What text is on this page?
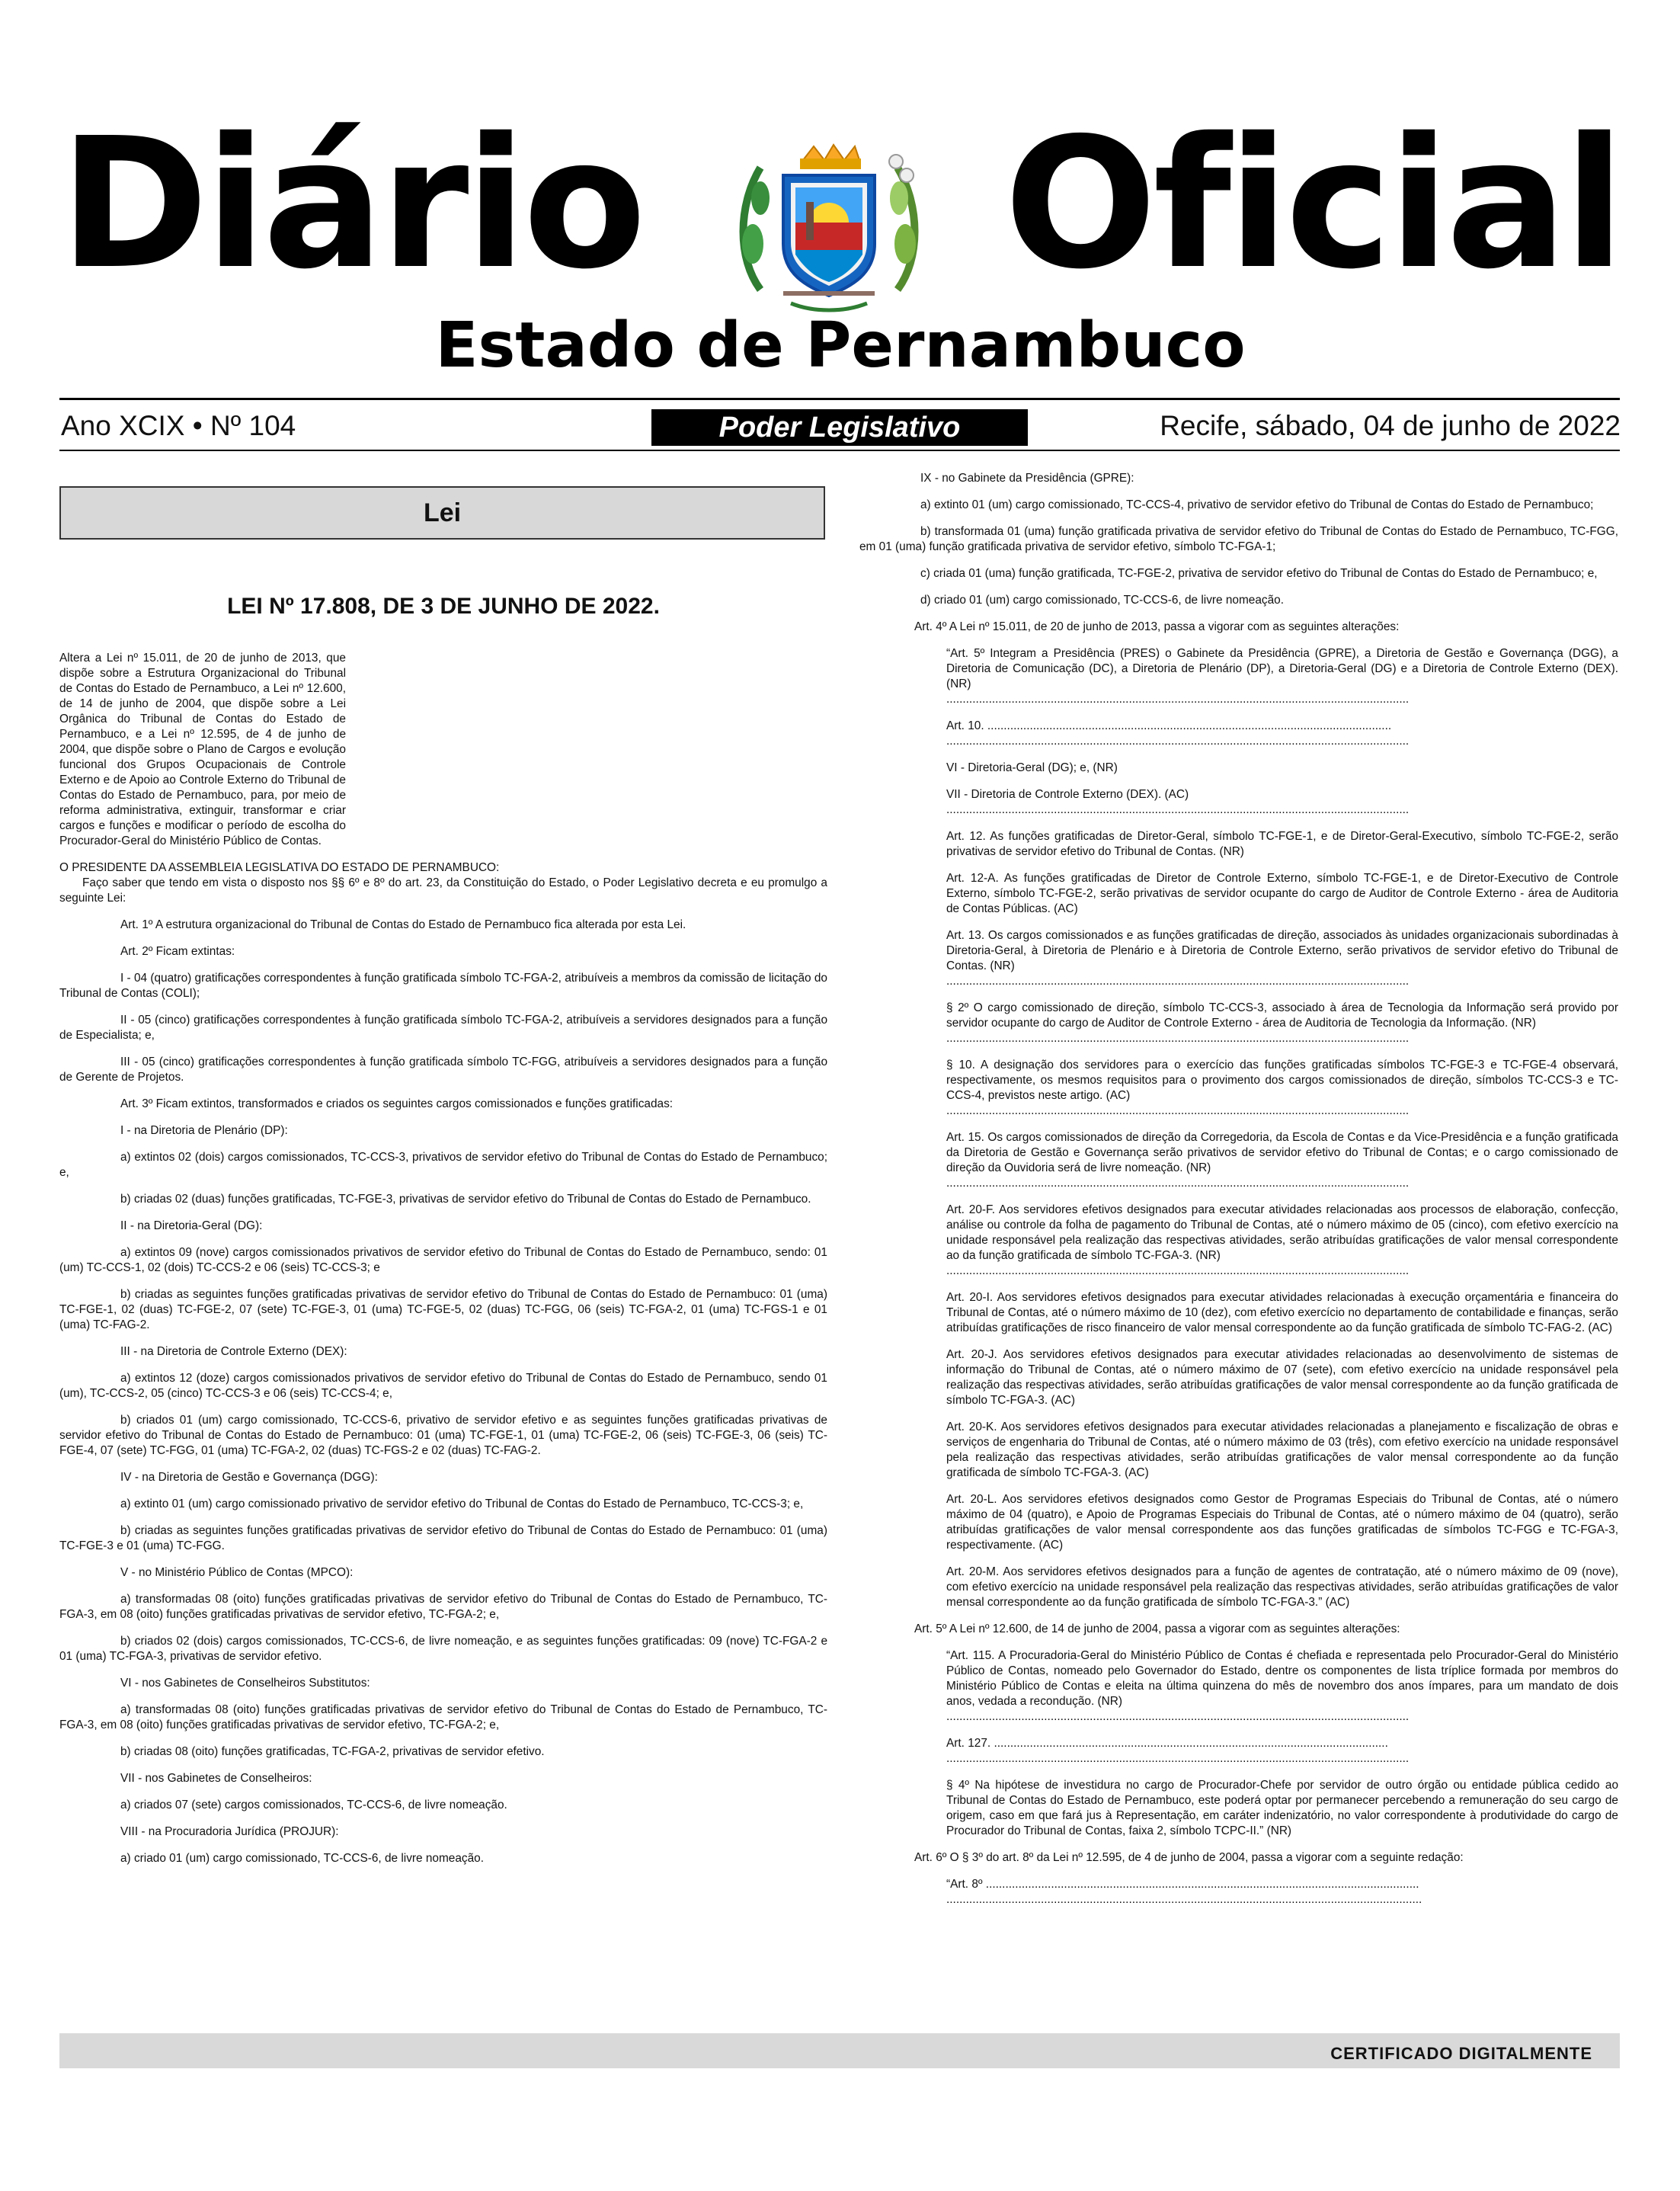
Diário Oficial
Estado de Pernambuco
Ano XCIX • Nº 104	Poder Legislativo	Recife, sábado, 04 de junho de 2022
Lei
LEI Nº 17.808, DE 3 DE JUNHO DE 2022.

Altera a Lei nº 15.011, de 20 de junho de 2013, que dispõe sobre a Estrutura Organizacional do Tribunal de Contas do Estado de Pernambuco, a Lei nº 12.600, de 14 de junho de 2004, que dispõe sobre a Lei Orgânica do Tribunal de Contas do Estado de Pernambuco, e a Lei nº 12.595, de 4 de junho de 2004, que dispõe sobre o Plano de Cargos e evolução funcional dos Grupos Ocupacionais de Controle Externo e de Apoio ao Controle Externo do Tribunal de Contas do Estado de Pernambuco, para, por meio de reforma administrativa, extinguir, transformar e criar cargos e funções e modificar o período de escolha do Procurador-Geral do Ministério Público de Contas.

O PRESIDENTE DA ASSEMBLEIA LEGISLATIVA DO ESTADO DE PERNAMBUCO:

Faço saber que tendo em vista o disposto nos §§ 6º e 8º do art. 23, da Constituição do Estado, o Poder Legislativo decreta e eu promulgo a seguinte Lei:

Art. 1º A estrutura organizacional do Tribunal de Contas do Estado de Pernambuco fica alterada por esta Lei.

Art. 2º Ficam extintas:

I - 04 (quatro) gratificações correspondentes à função gratificada símbolo TC-FGA-2, atribuíveis a membros da comissão de licitação do Tribunal de Contas (COLI);

II - 05 (cinco) gratificações correspondentes à função gratificada símbolo TC-FGA-2, atribuíveis a servidores designados para a função de Especialista; e,

III - 05 (cinco) gratificações correspondentes à função gratificada símbolo TC-FGG, atribuíveis a servidores designados para a função de Gerente de Projetos.

Art. 3º Ficam extintos, transformados e criados os seguintes cargos comissionados e funções gratificadas:

I - na Diretoria de Plenário (DP):

a) extintos 02 (dois) cargos comissionados, TC-CCS-3, privativos de servidor efetivo do Tribunal de Contas do Estado de Pernambuco; e,

b) criadas 02 (duas) funções gratificadas, TC-FGE-3, privativas de servidor efetivo do Tribunal de Contas do Estado de Pernambuco.

II - na Diretoria-Geral (DG):

a) extintos 09 (nove) cargos comissionados privativos de servidor efetivo do Tribunal de Contas do Estado de Pernambuco, sendo: 01 (um) TC-CCS-1, 02 (dois) TC-CCS-2 e 06 (seis) TC-CCS-3; e

b) criadas as seguintes funções gratificadas privativas de servidor efetivo do Tribunal de Contas do Estado de Pernambuco: 01 (uma) TC-FGE-1, 02 (duas) TC-FGE-2, 07 (sete) TC-FGE-3, 01 (uma) TC-FGE-5, 02 (duas) TC-FGG, 06 (seis) TC-FGA-2, 01 (uma) TC-FGS-1 e 01 (uma) TC-FAG-2.

III - na Diretoria de Controle Externo (DEX):

a) extintos 12 (doze) cargos comissionados privativos de servidor efetivo do Tribunal de Contas do Estado de Pernambuco, sendo 01 (um), TC-CCS-2, 05 (cinco) TC-CCS-3 e 06 (seis) TC-CCS-4; e,

b) criados 01 (um) cargo comissionado, TC-CCS-6, privativo de servidor efetivo e as seguintes funções gratificadas privativas de servidor efetivo do Tribunal de Contas do Estado de Pernambuco: 01 (uma) TC-FGE-1, 01 (uma) TC-FGE-2, 06 (seis) TC-FGE-3, 06 (seis) TC-FGE-4, 07 (sete) TC-FGG, 01 (uma) TC-FGA-2, 02 (duas) TC-FGS-2 e 02 (duas) TC-FAG-2.

IV - na Diretoria de Gestão e Governança (DGG):

a) extinto 01 (um) cargo comissionado privativo de servidor efetivo do Tribunal de Contas do Estado de Pernambuco, TC-CCS-3; e,

b) criadas as seguintes funções gratificadas privativas de servidor efetivo do Tribunal de Contas do Estado de Pernambuco: 01 (uma) TC-FGE-3 e 01 (uma) TC-FGG.

V - no Ministério Público de Contas (MPCO):

a) transformadas 08 (oito) funções gratificadas privativas de servidor efetivo do Tribunal de Contas do Estado de Pernambuco, TC-FGA-3, em 08 (oito) funções gratificadas privativas de servidor efetivo, TC-FGA-2; e,

b) criados 02 (dois) cargos comissionados, TC-CCS-6, de livre nomeação, e as seguintes funções gratificadas: 09 (nove) TC-FGA-2 e 01 (uma) TC-FGA-3, privativas de servidor efetivo.

VI - nos Gabinetes de Conselheiros Substitutos:

a) transformadas 08 (oito) funções gratificadas privativas de servidor efetivo do Tribunal de Contas do Estado de Pernambuco, TC-FGA-3, em 08 (oito) funções gratificadas privativas de servidor efetivo, TC-FGA-2; e,

b) criadas 08 (oito) funções gratificadas, TC-FGA-2, privativas de servidor efetivo.

VII - nos Gabinetes de Conselheiros:

a) criados 07 (sete) cargos comissionados, TC-CCS-6, de livre nomeação.

VIII - na Procuradoria Jurídica (PROJUR):

a) criado 01 (um) cargo comissionado, TC-CCS-6, de livre nomeação.

IX - no Gabinete da Presidência (GPRE):

a) extinto 01 (um) cargo comissionado, TC-CCS-4, privativo de servidor efetivo do Tribunal de Contas do Estado de Pernambuco;

b) transformada 01 (uma) função gratificada privativa de servidor efetivo do Tribunal de Contas do Estado de Pernambuco, TC-FGG, em 01 (uma) função gratificada privativa de servidor efetivo, símbolo TC-FGA-1;

c) criada 01 (uma) função gratificada, TC-FGE-2, privativa de servidor efetivo do Tribunal de Contas do Estado de Pernambuco; e,

d) criado 01 (um) cargo comissionado, TC-CCS-6, de livre nomeação.

Art. 4º A Lei nº 15.011, de 20 de junho de 2013, passa a vigorar com as seguintes alterações:

“Art. 5º Integram a Presidência (PRES) o Gabinete da Presidência (GPRE), a Diretoria de Gestão e Governança (DGG), a Diretoria de Comunicação (DC), a Diretoria de Plenário (DP), a Diretoria-Geral (DG) e a Diretoria de Controle Externo (DEX). (NR)

..............................................................................................................................................

Art. 10. ............................................................................................................................

..............................................................................................................................................

VI - Diretoria-Geral (DG); e, (NR)

VII - Diretoria de Controle Externo (DEX). (AC)

..............................................................................................................................................

Art. 12. As funções gratificadas de Diretor-Geral, símbolo TC-FGE-1, e de Diretor-Geral-Executivo, símbolo TC-FGE-2, serão privativas de servidor efetivo do Tribunal de Contas. (NR)

Art. 12-A. As funções gratificadas de Diretor de Controle Externo, símbolo TC-FGE-1, e de Diretor-Executivo de Controle Externo, símbolo TC-FGE-2, serão privativas de servidor ocupante do cargo de Auditor de Controle Externo - área de Auditoria de Contas Públicas. (AC)

Art. 13. Os cargos comissionados e as funções gratificadas de direção, associados às unidades organizacionais subordinadas à Diretoria-Geral, à Diretoria de Plenário e à Diretoria de Controle Externo, serão privativos de servidor efetivo do Tribunal de Contas. (NR)

..............................................................................................................................................

§ 2º O cargo comissionado de direção, símbolo TC-CCS-3, associado à área de Tecnologia da Informação será provido por servidor ocupante do cargo de Auditor de Controle Externo - área de Auditoria de Tecnologia da Informação. (NR)

..............................................................................................................................................

§ 10. A designação dos servidores para o exercício das funções gratificadas símbolos TC-FGE-3 e TC-FGE-4 observará, respectivamente, os mesmos requisitos para o provimento dos cargos comissionados de direção, símbolos TC-CCS-3 e TC-CCS-4, previstos neste artigo. (AC)

..............................................................................................................................................

Art. 15. Os cargos comissionados de direção da Corregedoria, da Escola de Contas e da Vice-Presidência e a função gratificada da Diretoria de Gestão e Governança serão privativos de servidor efetivo do Tribunal de Contas; e o cargo comissionado de direção da Ouvidoria será de livre nomeação. (NR)

..............................................................................................................................................

Art. 20-F. Aos servidores efetivos designados para executar atividades relacionadas aos processos de elaboração, confecção, análise ou controle da folha de pagamento do Tribunal de Contas, até o número máximo de 05 (cinco), com efetivo exercício na unidade responsável pela realização das respectivas atividades, serão atribuídas gratificações de valor mensal correspondente ao da função gratificada de símbolo TC-FGA-3. (NR)

..............................................................................................................................................

Art. 20-I. Aos servidores efetivos designados para executar atividades relacionadas à execução orçamentária e financeira do Tribunal de Contas, até o número máximo de 10 (dez), com efetivo exercício no departamento de contabilidade e finanças, serão atribuídas gratificações de risco financeiro de valor mensal correspondente ao da função gratificada de símbolo TC-FAG-2. (AC)

Art. 20-J. Aos servidores efetivos designados para executar atividades relacionadas ao desenvolvimento de sistemas de informação do Tribunal de Contas, até o número máximo de 07 (sete), com efetivo exercício na unidade responsável pela realização das respectivas atividades, serão atribuídas gratificações de valor mensal correspondente ao da função gratificada de símbolo TC-FGA-3. (AC)

Art. 20-K. Aos servidores efetivos designados para executar atividades relacionadas a planejamento e fiscalização de obras e serviços de engenharia do Tribunal de Contas, até o número máximo de 03 (três), com efetivo exercício na unidade responsável pela realização das respectivas atividades, serão atribuídas gratificações de valor mensal correspondente ao da função gratificada de símbolo TC-FGA-3. (AC)

Art. 20-L. Aos servidores efetivos designados como Gestor de Programas Especiais do Tribunal de Contas, até o número máximo de 04 (quatro), e Apoio de Programas Especiais do Tribunal de Contas, até o número máximo de 04 (quatro), serão atribuídas gratificações de valor mensal correspondente aos das funções gratificadas de símbolos TC-FGG e TC-FGA-3, respectivamente. (AC)

Art. 20-M. Aos servidores efetivos designados para a função de agentes de contratação, até o número máximo de 09 (nove), com efetivo exercício na unidade responsável pela realização das respectivas atividades, serão atribuídas gratificações de valor mensal correspondente ao da função gratificada de símbolo TC-FGA-3.” (AC)

Art. 5º A Lei nº 12.600, de 14 de junho de 2004, passa a vigorar com as seguintes alterações:

“Art. 115. A Procuradoria-Geral do Ministério Público de Contas é chefiada e representada pelo Procurador-Geral do Ministério Público de Contas, nomeado pelo Governador do Estado, dentre os componentes de lista tríplice formada por membros do Ministério Público de Contas e eleita na última quinzena do mês de novembro dos anos ímpares, para um mandato de dois anos, vedada a recondução. (NR)

..............................................................................................................................................

Art. 127. .........................................................................................................................

..............................................................................................................................................

§ 4º Na hipótese de investidura no cargo de Procurador-Chefe por servidor de outro órgão ou entidade pública cedido ao Tribunal de Contas do Estado de Pernambuco, este poderá optar por permanecer percebendo a remuneração do seu cargo de origem, caso em que fará jus à Representação, em caráter indenizatório, no valor correspondente à produtividade do cargo de Procurador do Tribunal de Contas, faixa 2, símbolo TCPC-II.” (NR)

Art. 6º O § 3º do art. 8º da Lei nº 12.595, de 4 de junho de 2004, passa a vigorar com a seguinte redação:

“Art. 8º .....................................................................................................................................

..................................................................................................................................................

CERTIFICADO DIGITALMENTE
